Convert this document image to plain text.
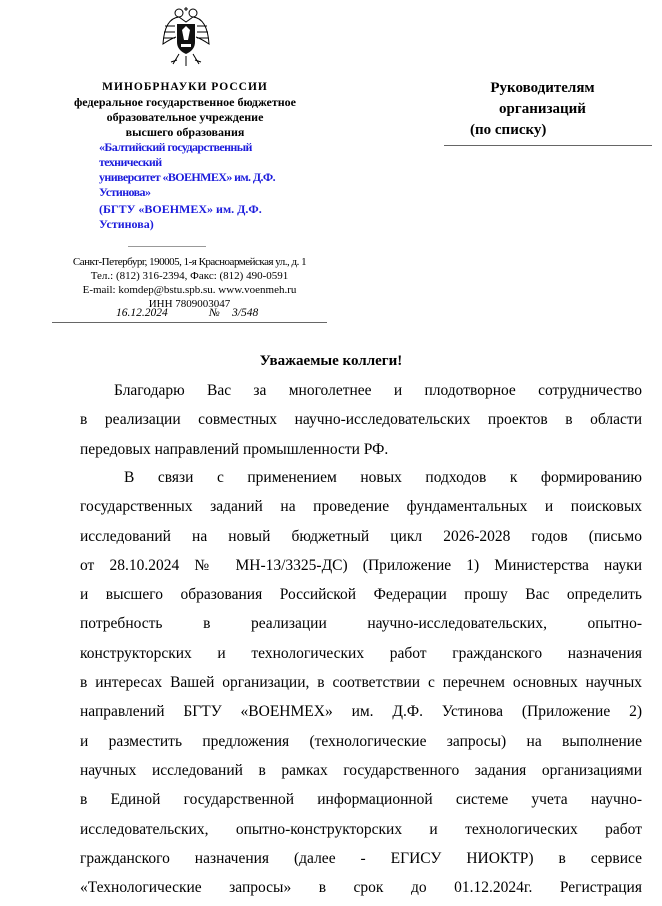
МИНОБРНАУКИ РОССИИ
федеральное государственное бюджетное
образовательное учреждение
высшего образования
«Балтийский государственный
технический
университет «ВОЕНМЕХ» им. Д.Ф.
Устинова»
(БГТУ «ВОЕНМЕХ» им. Д.Ф.
Устинова)
Санкт-Петербург, 190005, 1-я Красноармейская ул., д. 1
Тел.: (812) 316-2394, Факс: (812) 490-0591
E-mail: komdep@bstu.spb.su. www.voenmeh.ru
ИНН 7809003047
16.12.2024	№ 3/548
Руководителям
организаций
(по списку)
Уважаемые коллеги!
Благодарю Вас за многолетнее и плодотворное сотрудничество
в реализации совместных научно-исследовательских проектов в области
передовых направлений промышленности РФ.
В связи с применением новых подходов к формированию
государственных заданий на проведение фундаментальных и поисковых
исследований на новый бюджетный цикл 2026-2028 годов (письмо
от 28.10.2024 № МН-13/3325-ДС) (Приложение 1) Министерства науки
и высшего образования Российской Федерации прошу Вас определить
потребность в реализации научно-исследовательских, опытно-
конструкторских и технологических работ гражданского назначения
в интересах Вашей организации, в соответствии с перечнем основных научных
направлений БГТУ «ВОЕНМЕХ» им. Д.Ф. Устинова (Приложение 2)
и разместить предложения (технологические запросы) на выполнение
научных исследований в рамках государственного задания организациями
в Единой государственной информационной системе учета научно-
исследовательских, опытно-конструкторских и технологических работ
гражданского назначения (далее - ЕГИСУ НИОКТР) в сервисе
«Технологические запросы» в срок до 01.12.2024г. Регистрация
